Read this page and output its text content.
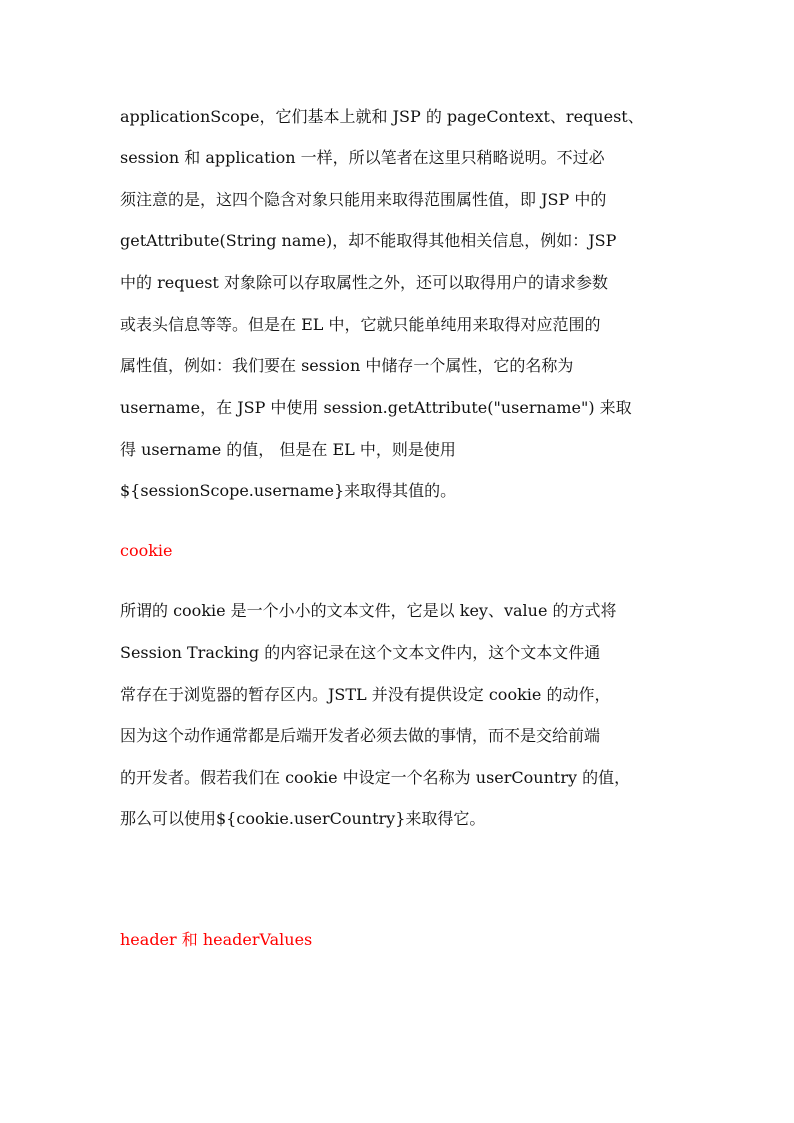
applicationScope，它们基本上就和 JSP 的 pageContext、request、
session 和 application 一样，所以笔者在这里只稍略说明。不过必
须注意的是，这四个隐含对象只能用来取得范围属性值，即 JSP 中的
getAttribute(String name)，却不能取得其他相关信息，例如：JSP
中的 request 对象除可以存取属性之外，还可以取得用户的请求参数
或表头信息等等。但是在 EL 中，它就只能单纯用来取得对应范围的
属性值，例如：我们要在 session 中储存一个属性，它的名称为
username，在 JSP 中使用 session.getAttribute("username") 来取
得 username 的值， 但是在 EL 中，则是使用
${sessionScope.username}来取得其值的。
cookie
所谓的 cookie 是一个小小的文本文件，它是以 key、value 的方式将
Session Tracking 的内容记录在这个文本文件内，这个文本文件通
常存在于浏览器的暂存区内。JSTL 并没有提供设定 cookie 的动作，
因为这个动作通常都是后端开发者必须去做的事情，而不是交给前端
的开发者。假若我们在 cookie 中设定一个名称为 userCountry 的值，
那么可以使用${cookie.userCountry}来取得它。
header 和 headerValues
